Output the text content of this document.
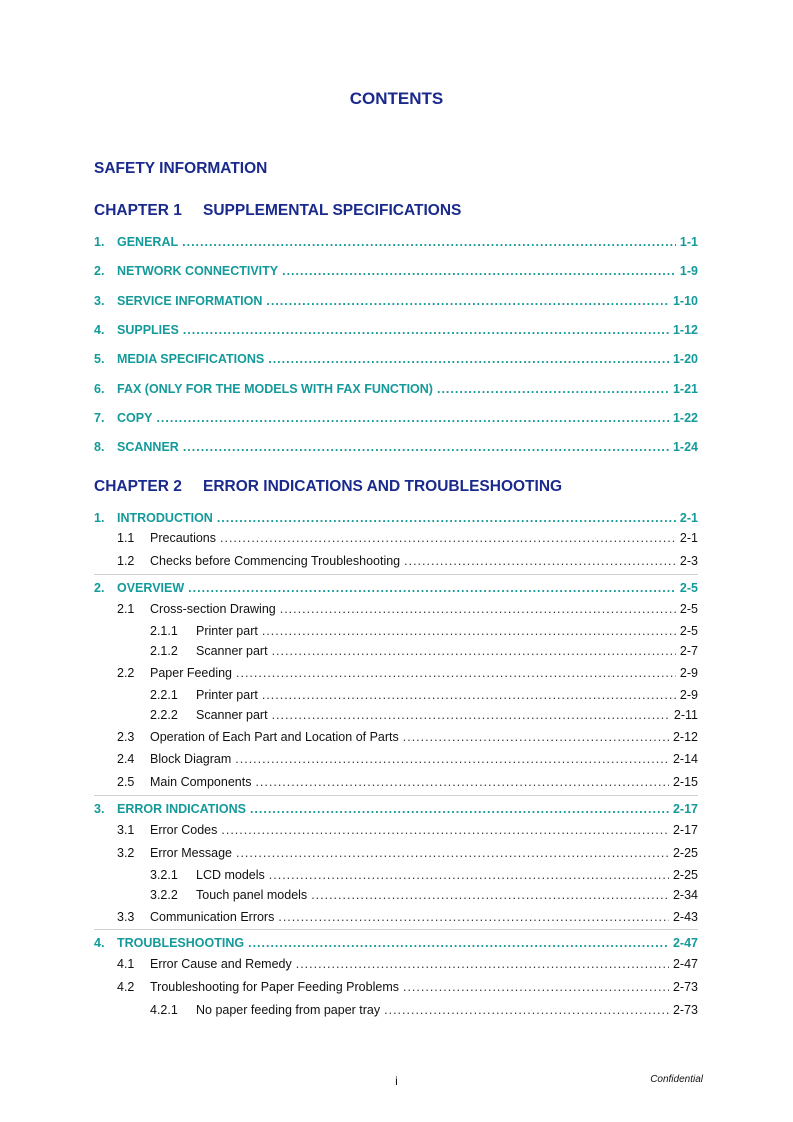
CONTENTS
SAFETY INFORMATION
CHAPTER 1 SUPPLEMENTAL SPECIFICATIONS
1.	GENERAL .....	1-1
2.	NETWORK CONNECTIVITY .....	1-9
3.	SERVICE INFORMATION .....	1-10
4.	SUPPLIES .....	1-12
5.	MEDIA SPECIFICATIONS .....	1-20
6.	FAX (ONLY FOR THE MODELS WITH FAX FUNCTION) .....	1-21
7.	COPY .....	1-22
8.	SCANNER .....	1-24
CHAPTER 2 ERROR INDICATIONS AND TROUBLESHOOTING
1.	INTRODUCTION .....	2-1
1.1	Precautions .....	2-1
1.2	Checks before Commencing Troubleshooting .....	2-3
2.	OVERVIEW .....	2-5
2.1	Cross-section Drawing .....	2-5
2.1.1	Printer part .....	2-5
2.1.2	Scanner part .....	2-7
2.2	Paper Feeding .....	2-9
2.2.1	Printer part .....	2-9
2.2.2	Scanner part .....	2-11
2.3	Operation of Each Part and Location of Parts .....	2-12
2.4	Block Diagram .....	2-14
2.5	Main Components .....	2-15
3.	ERROR INDICATIONS .....	2-17
3.1	Error Codes .....	2-17
3.2	Error Message .....	2-25
3.2.1	LCD models .....	2-25
3.2.2	Touch panel models .....	2-34
3.3	Communication Errors .....	2-43
4.	TROUBLESHOOTING .....	2-47
4.1	Error Cause and Remedy .....	2-47
4.2	Troubleshooting for Paper Feeding Problems .....	2-73
4.2.1	No paper feeding from paper tray .....	2-73
i	Confidential
